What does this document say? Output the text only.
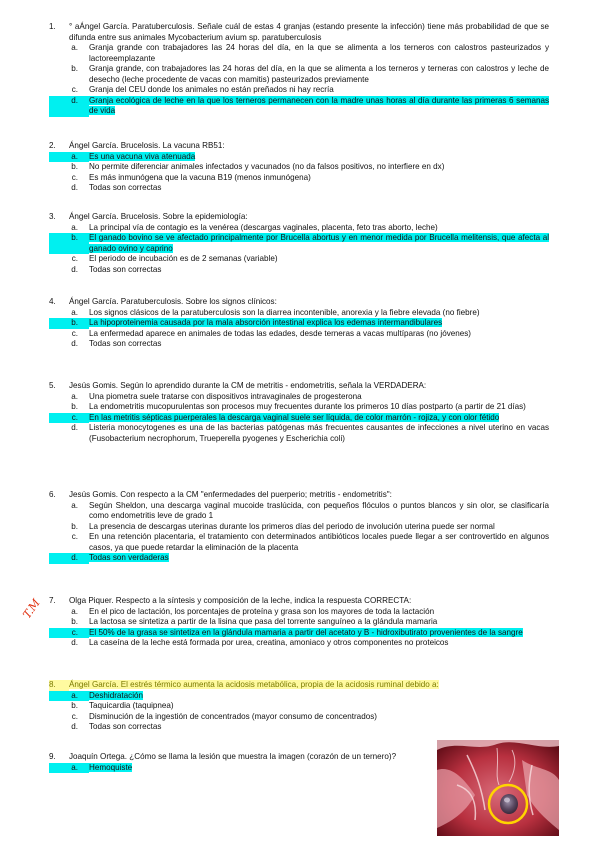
1.	° aÁngel García. Paratuberculosis. Señale cuál de estas 4 granjas (estando presente la infección) tiene más probabilidad de que se difunda entre sus animales Mycobacterium avium sp. paratuberculosis
a.	Granja grande con trabajadores las 24 horas del día, en la que se alimenta a los terneros con calostros pasteurizados y lactoreemplazante
b.	Granja grande, con trabajadores las 24 horas del día, en la que se alimenta a los terneros y terneras con calostros y leche de desecho (leche procedente de vacas con mamitis) pasteurizados previamente
c.	Granja del CEU donde los animales no están preñados ni hay recría
d.	Granja ecológica de leche en la que los terneros permanecen con la madre unas horas al día durante las primeras 6 semanas de vida
2.	Ángel García. Brucelosis. La vacuna RB51:
a.	Es una vacuna viva atenuada
b.	No permite diferenciar animales infectados y vacunados (no da falsos positivos, no interfiere en dx)
c.	Es más inmunógena que la vacuna B19 (menos inmunógena)
d.	Todas son correctas
3.	Ángel García. Brucelosis. Sobre la epidemiología:
a.	La principal vía de contagio es la venérea (descargas vaginales, placenta, feto tras aborto, leche)
b.	El ganado bovino se ve afectado principalmente por Brucella abortus y en menor medida por Brucella melitensis, que afecta al ganado ovino y caprino
c.	El periodo de incubación es de 2 semanas (variable)
d.	Todas son correctas
4.	Ángel García. Paratuberculosis. Sobre los signos clínicos:
a.	Los signos clásicos de la paratuberculosis son la diarrea incontenible, anorexia y la fiebre elevada (no fiebre)
b.	La hipoproteinemia causada por la mala absorción intestinal explica los edemas intermandibulares
c.	La enfermedad aparece en animales de todas las edades, desde terneras a vacas multíparas (no jóvenes)
d.	Todas son correctas
5.	Jesús Gomis. Según lo aprendido durante la CM de metritis - endometritis, señala la VERDADERA:
a.	Una piometra suele tratarse con dispositivos intravaginales de progesterona
b.	La endometritis mucopurulentas son procesos muy frecuentes durante los primeros 10 días postparto (a partir de 21 días)
c.	En las metritis sépticas puerperales la descarga vaginal suele ser líquida, de color marrón - rojiza, y con olor fétido
d.	Listeria monocytogenes es una de las bacterias patógenas más frecuentes causantes de infecciones a nivel uterino en vacas (Fusobacterium necrophorum, Trueperella pyogenes y Escherichia coli)
6.	Jesús Gomis. Con respecto a la CM "enfermedades del puerperio; metritis - endometritis":
a.	Según Sheldon, una descarga vaginal mucoide traslúcida, con pequeños flóculos o puntos blancos y sin olor, se clasificaría como endometritis leve de grado 1
b.	La presencia de descargas uterinas durante los primeros días del periodo de involución uterina puede ser normal
c.	En una retención placentaria, el tratamiento con determinados antibióticos locales puede llegar a ser controvertido en algunos casos, ya que puede retardar la eliminación de la placenta
d.	Todas son verdaderas
7.	Olga Piquer. Respecto a la síntesis y composición de la leche, indica la respuesta CORRECTA:
a.	En el pico de lactación, los porcentajes de proteína y grasa son los mayores de toda la lactación
b.	La lactosa se sintetiza a partir de la lisina que pasa del torrente sanguíneo a la glándula mamaria
c.	El 50% de la grasa se sintetiza en la glándula mamaria a partir del acetato y B - hidroxibutirato provenientes de la sangre
d.	La caseína de la leche está formada por urea, creatina, amoniaco y otros componentes no proteicos
8.	Ángel García. El estrés térmico aumenta la acidosis metabólica, propia de la acidosis ruminal debido a:
a.	Deshidratación
b.	Taquicardia (taquipnea)
c.	Disminución de la ingestión de concentrados (mayor consumo de concentrados)
d.	Todas son correctas
9.	Joaquín Ortega. ¿Cómo se llama la lesión que muestra la imagen (corazón de un ternero)?
a.	Hemoquiste
T.M
